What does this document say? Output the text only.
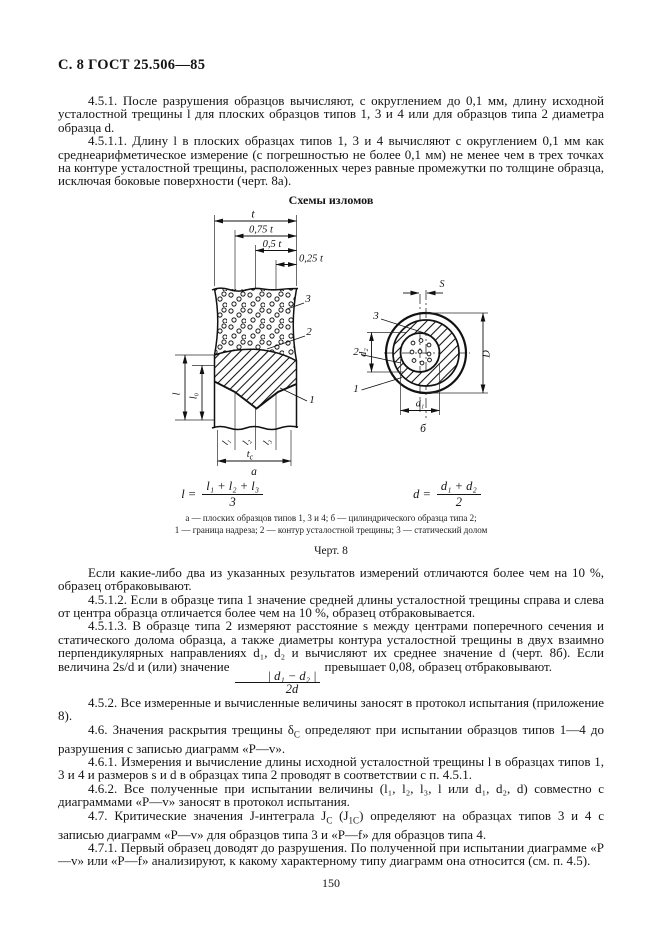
С. 8 ГОСТ 25.506—85

4.5.1. После разрушения образцов вычисляют, с округлением до 0,1 мм, длину исходной усталостной трещины l для плоских образцов типов 1, 3 и 4 или для образцов типа 2 диаметра образца d.

4.5.1.1. Длину l в плоских образцах типов 1, 3 и 4 вычисляют с округлением 0,1 мм как среднеарифметическое измерение (с погрешностью не более 0,1 мм) не менее чем в трех точках на контуре усталостной трещины, расположенных через равные промежутки по толщине образца, исключая боковые поверхности (черт. 8а).

Схемы изломов
t
0,75 t
0,5 t
0,25 t
l l₀
l₁ l₂ l₃
$t_с$
а
3
2
1
S
d₂
d₁
D
3
2
1
б
$l = \frac{\text{l₁ + l₂ + l₃}}{3}$	$d = \frac{\text{d₁ + d₂}}{2}$
а — плоских образцов типов 1, 3 и 4; б — цилиндрического образца типа 2;
1 — граница надреза; 2 — контур усталостной трещины; 3 — статический долом
Черт. 8

Если какие-либо два из указанных результатов измерений отличаются более чем на 10 %, образец отбраковывают.

4.5.1.2. Если в образце типа 1 значение средней длины усталостной трещины справа и слева от центра образца отличается более чем на 10 %, образец отбраковывается.

4.5.1.3. В образце типа 2 измеряют расстояние s между центрами поперечного сечения и статического долома образца, а также диаметры контура усталостной трещины в двух взаимно перпендикулярных направлениях d₁, d₂ и вычисляют их среднее значение d (черт. 8б). Если величина 2s/d и (или) значение
$\frac{\text{| d₁ − d₂ |}}{2d}$
превышает 0,08, образец отбраковывают.

4.5.2. Все измеренные и вычисленные величины заносят в протокол испытания (приложение 8).

4.6. Значения раскрытия трещины $\delta_C$ определяют при испытании образцов типов 1—4 до разрушения с записью диаграмм «P—v».

4.6.1. Измерения и вычисление длины исходной усталостной трещины l в образцах типов 1, 3 и 4 и размеров s и d в образцах типа 2 проводят в соответствии с п. 4.5.1.

4.6.2. Все полученные при испытании величины (l₁, l₂, l₃, l или d₁, d₂, d) совместно с диаграммами «P—v» заносят в протокол испытания.

4.7. Критические значения J-интеграла $J_C$ $(J_{1C})$ определяют на образцах типов 3 и 4 с записью диаграмм «P—v» для образцов типа 3 и «P—f» для образцов типа 4.

4.7.1. Первый образец доводят до разрушения. По полученной при испытании диаграмме «P—v» или «P—f» анализируют, к какому характерному типу диаграмм она относится (см. п. 4.5).

150
